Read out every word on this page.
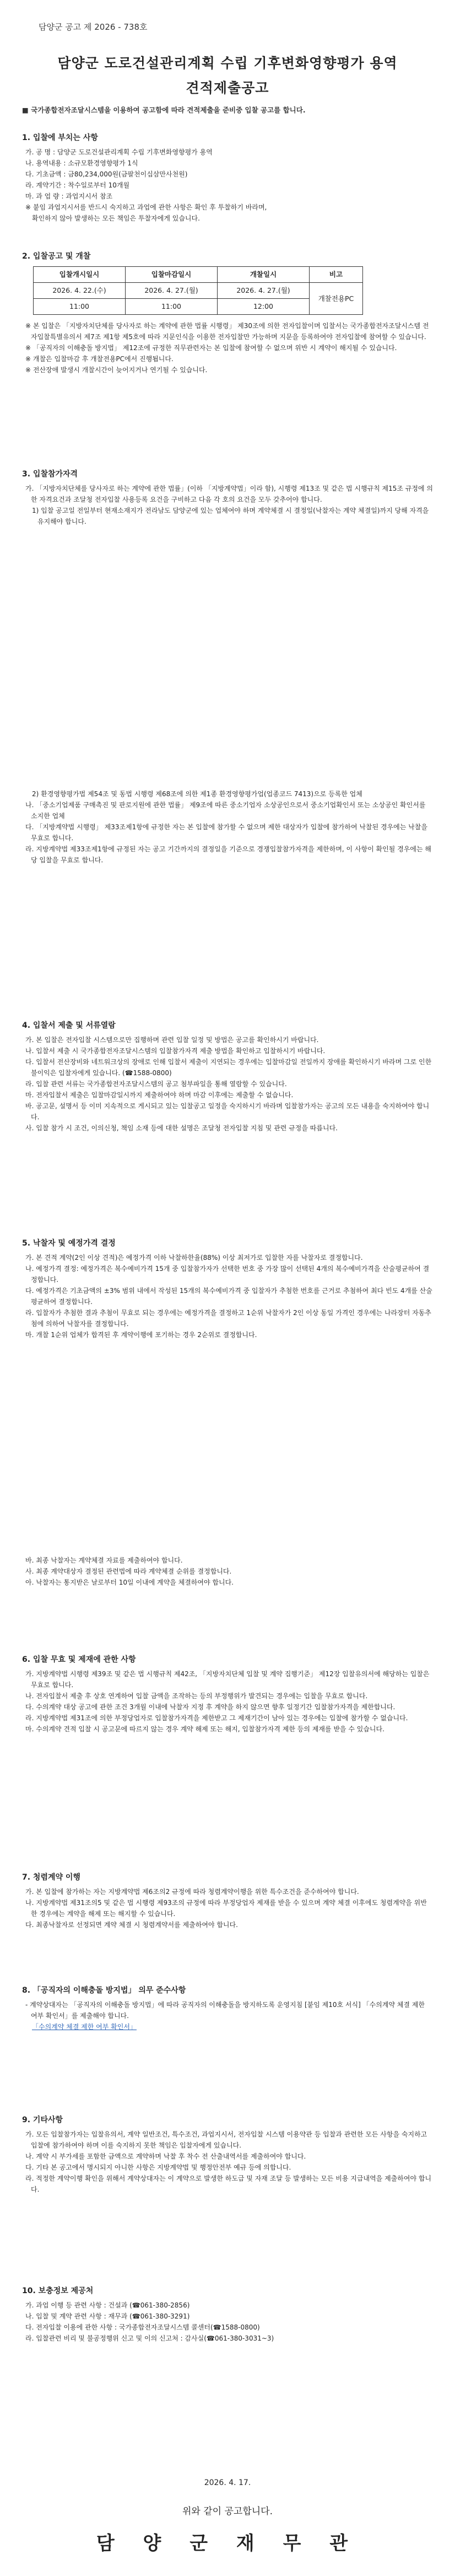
담양군 공고 제 2026 - 738호
담양군 도로건설관리계획 수립 기후변화영향평가 용역
견적제출공고
■ 국가종합전자조달시스템을 이용하여 공고함에 따라 견적제출을 준비중 입찰 공고를 합니다.
1. 입찰에 부치는 사항

가. 공 명 : 담양군 도로건설관리계획 수립 기후변화영향평가 용역

나. 용역내용 : 소규모환경영향평가 1식

다. 기초금액 : 금80,234,000원(금팔천이십삼만사천원)

라. 계약기간 : 착수일로부터 10개월

마. 과 업 량 : 과업지시서 참조

※ 붙임 과업지시서를 반드시 숙지하고 과업에 관한 사항은 확인 후 투찰하기 바라며,

확인하지 않아 발생하는 모든 책임은 투찰자에게 있습니다.

2. 입찰공고 및 개찰
입찰개시일시	입찰마감일시	개찰일시	비고
2026. 4. 22.(수)	2026. 4. 27.(월)	2026. 4. 27.(월)	개찰전용PC
11:00	11:00	12:00	

※ 본 입찰은 「지방자치단체를 당사자로 하는 계약에 관한 법률 시행령」 제30조에 의한 전자입찰이며 입찰서는 국가종합전자조달시스템 전자입찰특별유의서 제7조 제1항 제5호에 따라 지문인식을 이용한 전자입찰만 가능하며 지문을 등록하여야 전자입찰에 참여할 수 있습니다.

※ 「공직자의 이해충돌 방지법」 제12조에 규정한 직무관련자는 본 입찰에 참여할 수 없으며 위반 시 계약이 해지될 수 있습니다.

※ 개찰은 입찰마감 후 개찰전용PC에서 진행됩니다.

※ 전산장애 발생시 개찰시간이 늦어지거나 연기될 수 있습니다.

3. 입찰참가자격

가. 「지방자치단체를 당사자로 하는 계약에 관한 법률」(이하 「지방계약법」이라 함), 시행령 제13조 및 같은 법 시행규칙 제15조 규정에 의한 자격요건과 조달청 전자입찰 사용등록 요건을 구비하고 다음 각 호의 요건을 모두 갖추어야 합니다.

1) 입찰 공고일 전일부터 현재소재지가 전라남도 담양군에 있는 업체여야 하며 계약체결 시 결정일(낙찰자는 계약 체결일)까지 당해 자격을 유지해야 합니다.

2) 환경영향평가법 제54조 및 동법 시행령 제68조에 의한 제1종 환경영향평가업(업종코드 7413)으로 등록한 업체

나. 「중소기업제품 구매촉진 및 판로지원에 관한 법률」 제9조에 따른 중소기업자 소상공인으로서 중소기업확인서 또는 소상공인 확인서를 소지한 업체

다. 「지방계약법 시행령」 제33조제1항에 규정한 자는 본 입찰에 참가할 수 없으며 제한 대상자가 입찰에 참가하여 낙찰된 경우에는 낙찰을 무효로 합니다.

라. 지방계약법 제33조제1항에 규정된 자는 공고 기간까지의 결정일을 기준으로 경쟁입찰참가자격을 제한하며, 이 사항이 확인될 경우에는 해당 입찰을 무효로 합니다.

4. 입찰서 제출 및 서류열람

가. 본 입찰은 전자입찰 시스템으로만 집행하며 관련 입찰 일정 및 방법은 공고를 확인하시기 바랍니다.

나. 입찰서 제출 시 국가종합전자조달시스템의 입찰참가자격 제출 방법을 확인하고 입찰하시기 바랍니다.

다. 입찰서 전산장비와 네트워크상의 장애로 인해 입찰서 제출이 지연되는 경우에는 입찰마감일 전일까지 장애를 확인하시기 바라며 그로 인한 불이익은 입찰자에게 있습니다. (☎1588-0800)

라. 입찰 관련 서류는 국가종합전자조달시스템의 공고 첨부파일을 통해 열람할 수 있습니다.

마. 전자입찰서 제출은 입찰마감일시까지 제출하여야 하며 마감 이후에는 제출할 수 없습니다.

바. 공고문, 설명서 등 이미 지속적으로 게시되고 있는 입찰공고 일정을 숙지하시기 바라며 입찰참가자는 공고의 모든 내용을 숙지하여야 합니다.

사. 입찰 참가 시 조건, 이의신청, 책임 소재 등에 대한 설명은 조달청 전자입찰 지침 및 관련 규정을 따릅니다.

5. 낙찰자 및 예정가격 결정

가. 본 견적 계약(2인 이상 견적)은 예정가격 이하 낙찰하한율(88%) 이상 최저가로 입찰한 자를 낙찰자로 결정합니다.

나. 예정가격 결정: 예정가격은 복수예비가격 15개 중 입찰참가자가 선택한 번호 중 가장 많이 선택된 4개의 복수예비가격을 산술평균하여 결정합니다.

다. 예정가격은 기초금액의 ±3% 범위 내에서 작성된 15개의 복수예비가격 중 입찰자가 추첨한 번호를 근거로 추첨하여 최다 빈도 4개를 산술평균하여 결정합니다.

라. 입찰자가 추첨한 결과 추첨이 무효로 되는 경우에는 예정가격을 결정하고 1순위 낙찰자가 2인 이상 동일 가격인 경우에는 나라장터 자동추첨에 의하여 낙찰자를 결정합니다.

마. 개찰 1순위 업체가 합격된 후 계약이행에 포기하는 경우 2순위로 결정합니다.

바. 최종 낙찰자는 계약체결 자료를 제출하여야 합니다.

사. 최종 계약대상자 결정된 관련법에 따라 계약체결 순위를 결정합니다.

아. 낙찰자는 통지받은 날로부터 10일 이내에 계약을 체결하여야 합니다.

6. 입찰 무효 및 제재에 관한 사항

가. 지방계약법 시행령 제39조 및 같은 법 시행규칙 제42조, 「지방자치단체 입찰 및 계약 집행기준」 제12장 입찰유의서에 해당하는 입찰은 무효로 합니다.

나. 전자입찰서 제출 후 상호 연계하여 입찰 금액을 조작하는 등의 부정행위가 발견되는 경우에는 입찰을 무효로 합니다.

다. 수의계약 대상 공고에 관한 조건 3개월 이내에 낙찰자 지정 후 계약을 하지 않으면 향후 일정기간 입찰참가자격을 제한합니다.

라. 지방계약법 제31조에 의한 부정당업자로 입찰참가자격을 제한받고 그 제재기간이 남아 있는 경우에는 입찰에 참가할 수 없습니다.

마. 수의계약 견적 입찰 시 공고문에 따르지 않는 경우 계약 해제 또는 해지, 입찰참가자격 제한 등의 제재를 받을 수 있습니다.

7. 청렴계약 이행

가. 본 입찰에 참가하는 자는 지방계약법 제6조의2 규정에 따라 청렴계약이행을 위한 특수조건을 준수하여야 합니다.

나. 지방계약법 제31조의5 및 같은 법 시행령 제93조의 규정에 따라 부정당업자 제재를 받을 수 있으며 계약 체결 이후에도 청렴계약을 위반한 경우에는 계약을 해제 또는 해지할 수 있습니다.

다. 최종낙찰자로 선정되면 계약 체결 시 청렴계약서를 제출하여야 합니다.

8. 「공직자의 이해충돌 방지법」 의무 준수사항

- 계약상대자는 「공직자의 이해충돌 방지법」에 따라 공직자의 이해충돌을 방지하도록 운영지침 [붙임 제10호 서식] 「수의계약 체결 제한 여부 확인서」를 제출해야 합니다.

「수의계약 체결 제한 여부 확인서」

9. 기타사항

가. 모든 입찰참가자는 입찰유의서, 계약 일반조건, 특수조건, 과업지시서, 전자입찰 시스템 이용약관 등 입찰과 관련한 모든 사항을 숙지하고 입찰에 참가하여야 하며 이를 숙지하지 못한 책임은 입찰자에게 있습니다.

나. 계약 시 부가세를 포함한 금액으로 계약하며 낙찰 후 착수 전 산출내역서를 제출하여야 합니다.

다. 기타 본 공고에서 명시되지 아니한 사항은 지방계약법 및 행정안전부 예규 등에 의합니다.

라. 적정한 계약이행 확인을 위해서 계약상대자는 이 계약으로 발생한 하도급 및 자재 조달 등 발생하는 모든 비용 지급내역을 제출하여야 합니다.

10. 보충정보 제공처

가. 과업 이행 등 관련 사항 : 건설과 (☎061-380-2856)

나. 입찰 및 계약 관련 사항 : 재무과 (☎061-380-3291)

다. 전자입찰 이용에 관한 사항 : 국가종합전자조달시스템 콜센터(☎1588-0800)

라. 입찰관련 비리 및 불공정행위 신고 및 이의 신고처 : 감사실(☎061-380-3031~3)

2026. 4. 17.
위와 같이 공고합니다.
담 양 군 재 무 관
